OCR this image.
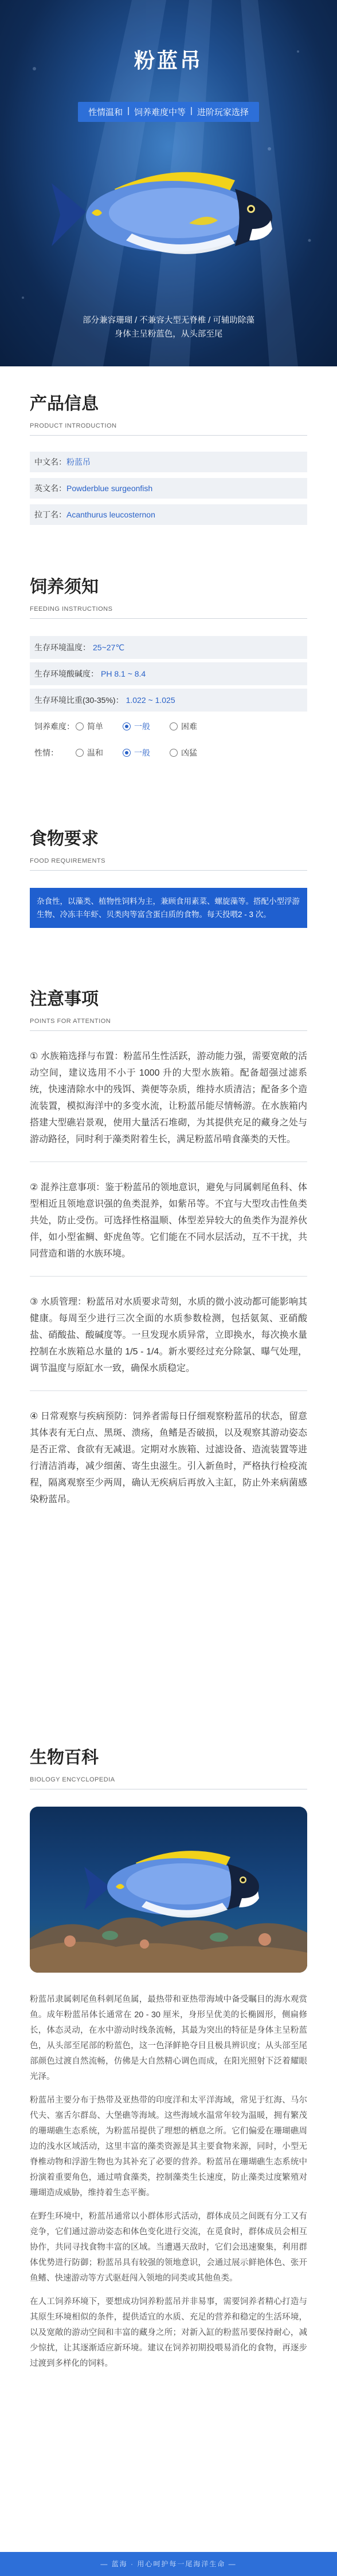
粉蓝吊
性情温和 | 饲养难度中等 | 进阶玩家选择
部分兼容珊瑚 / 不兼容大型无脊椎 / 可辅助除藻
身体主呈粉蓝色，从头部至尾
产品信息
PRODUCT INTRODUCTION
中文名： 粉蓝吊
英文名： Powderblue surgeonfish
拉丁名： Acanthurus leucosternon
饲养须知
FEEDING INSTRUCTIONS
生存环境温度： 25~27℃
生存环境酸碱度： PH 8.1 ~ 8.4
生存环境比重(30-35%)： 1.022 ~ 1.025
饲养难度： 简单	一般	困难
性情：	温和	一般	凶猛
食物要求
FOOD REQUIREMENTS
杂食性，以藻类、植物性饲料为主，兼顾食用素菜、螺旋藻等。搭配小型浮游生物、冷冻丰年虾、贝类肉等富含蛋白质的食物。每天投喂2 - 3 次。
注意事项
POINTS FOR ATTENTION
① 水族箱选择与布置：粉蓝吊生性活跃，游动能力强，需要宽敞的活动空间，建议选用不小于 1000 升的大型水族箱。配备超强过滤系统，快速清除水中的残饵、粪便等杂质，维持水质清洁；配备多个造流装置，模拟海洋中的多变水流，让粉蓝吊能尽情畅游。在水族箱内搭建大型礁岩景观，使用大量活石堆砌，为其提供充足的藏身之处与游动路径，同时利于藻类附着生长，满足粉蓝吊啃食藻类的天性。
② 混养注意事项：鉴于粉蓝吊的领地意识，避免与同属刺尾鱼科、体型相近且领地意识强的鱼类混养，如紫吊等。不宜与大型攻击性鱼类共处，防止受伤。可选择性格温顺、体型差异较大的鱼类作为混养伙伴，如小型雀鲷、虾虎鱼等。它们能在不同水层活动，互不干扰，共同营造和谐的水族环境。
③ 水质管理：粉蓝吊对水质要求苛刻，水质的微小波动都可能影响其健康。每周至少进行三次全面的水质参数检测，包括氨氮、亚硝酸盐、硝酸盐、酸碱度等。一旦发现水质异常，立即换水，每次换水量控制在水族箱总水量的 1/5 - 1/4。新水要经过充分除氯、曝气处理，调节温度与原缸水一致，确保水质稳定。
④ 日常观察与疾病预防：饲养者需每日仔细观察粉蓝吊的状态，留意其体表有无白点、黑斑、溃疡，鱼鳍是否破损，以及观察其游动姿态是否正常、食欲有无减退。定期对水族箱、过滤设备、造流装置等进行清洁消毒，减少细菌、寄生虫滋生。引入新鱼时，严格执行检疫流程，隔离观察至少两周，确认无疾病后再放入主缸，防止外来病菌感染粉蓝吊。
生物百科
BIOLOGY ENCYCLOPEDIA

粉蓝吊隶属刺尾鱼科刺尾鱼属，最热带和亚热带海域中备受瞩目的海水观赏鱼。成年粉蓝吊体长通常在 20 - 30 厘米，身形呈优美的长椭圆形，侧扁修长，体态灵动，在水中游动时线条流畅，其最为突出的特征是身体主呈粉蓝色，从头部至尾部的粉蓝色，这一色泽鲜艳夺目且极具辨识度；从头部至尾部颜色过渡自然流畅，仿佛是大自然精心调色而成，在阳光照射下泛着耀眼光泽。

粉蓝吊主要分布于热带及亚热带的印度洋和太平洋海域，常见于红海、马尔代夫、塞舌尔群岛、大堡礁等海域。这些海域水温常年较为温暖，拥有繁茂的珊瑚礁生态系统，为粉蓝吊提供了理想的栖息之所。它们偏爱在珊瑚礁周边的浅水区域活动，这里丰富的藻类资源是其主要食物来源，同时，小型无脊椎动物和浮游生物也为其补充了必要的营养。粉蓝吊在珊瑚礁生态系统中扮演着重要角色，通过啃食藻类，控制藻类生长速度，防止藻类过度繁殖对珊瑚造成威胁，维持着生态平衡。

在野生环境中，粉蓝吊通常以小群体形式活动，群体成员之间既有分工又有竞争，它们通过游动姿态和体色变化进行交流，在觅食时，群体成员会相互协作，共同寻找食物丰富的区域。当遭遇天敌时，它们会迅速聚集，利用群体优势进行防御；粉蓝吊具有较强的领地意识，会通过展示鲜艳体色、张开鱼鳍、快速游动等方式驱赶闯入领地的同类或其他鱼类。

在人工饲养环境下，要想成功饲养粉蓝吊并非易事，需要饲养者精心打造与其原生环境相似的条件，提供适宜的水质、充足的营养和稳定的生活环境，以及宽敞的游动空间和丰富的藏身之所；对新入缸的粉蓝吊要保持耐心，减少惊扰，让其逐渐适应新环境。建议在饲养初期投喂易消化的食物，再逐步过渡到多样化的饲料。

— 蓝海 · 用心呵护每一尾海洋生命 —
